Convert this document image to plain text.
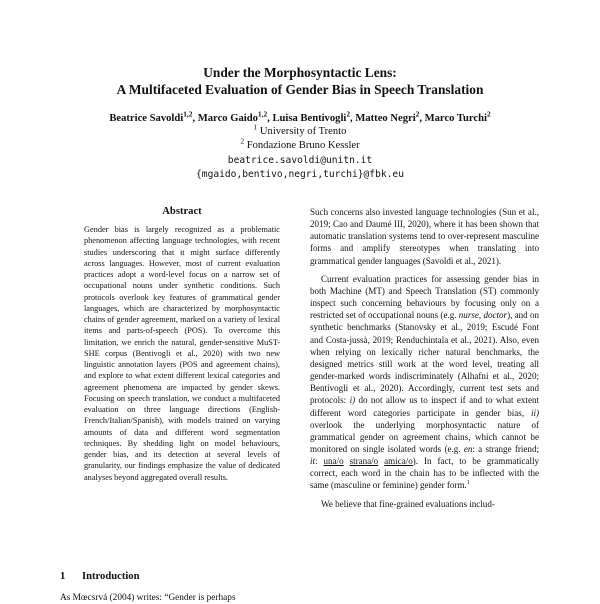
Under the Morphosyntactic Lens:
A Multifaceted Evaluation of Gender Bias in Speech Translation
Beatrice Savoldi$^{1,2}$, Marco Gaido$^{1,2}$, Luisa Bentivogli$^2$, Matteo Negri$^2$, Marco Turchi$^2$
$^1$ University of Trento
$^2$ Fondazione Bruno Kessler
beatrice.savoldi@unitn.it
{mgaido,bentivo,negri,turchi}@fbk.eu
Abstract
Gender bias is largely recognized as a problematic phenomenon affecting language technologies, with recent studies underscoring that it might surface differently across languages. However, most of current evaluation practices adopt a word-level focus on a narrow set of occupational nouns under synthetic conditions. Such protocols overlook key features of grammatical gender languages, which are characterized by morphosyntactic chains of gender agreement, marked on a variety of lexical items and parts-of-speech (POS). To overcome this limitation, we enrich the natural, gender-sensitive MuST-SHE corpus (Bentivogli et al., 2020) with two new linguistic annotation layers (POS and agreement chains), and explore to what extent different lexical categories and agreement phenomena are impacted by gender skews. Focusing on speech translation, we conduct a multifaceted evaluation on three language directions (English-French/Italian/Spanish), with models trained on varying amounts of data and different word segmentation techniques. By shedding light on model behaviours, gender bias, and its detection at several levels of granularity, our findings emphasize the value of dedicated analyses beyond aggregated overall results.
1 Introduction
As Mœcsrvá (2004) writes: “Gender is perhaps

Such concerns also invested language technologies (Sun et al., 2019; Cao and Daumé III, 2020), where it has been shown that automatic translation systems tend to over-represent masculine forms and amplify stereotypes when translating into grammatical gender languages (Savoldi et al., 2021).

Current evaluation practices for assessing gender bias in both Machine (MT) and Speech Translation (ST) commonly inspect such concerning behaviours by focusing only on a restricted set of occupational nouns (e.g. nurse, doctor), and on synthetic benchmarks (Stanovsky et al., 2019; Escudé Font and Costa-jussà, 2019; Renduchintala et al., 2021). Also, even when relying on lexically richer natural benchmarks, the designed metrics still work at the word level, treating all gender-marked words indiscriminately (Alhafni et al., 2020; Bentivogli et al., 2020). Accordingly, current test sets and protocols: i) do not allow us to inspect if and to what extent different word categories participate in gender bias, ii) overlook the underlying morphosyntactic nature of grammatical gender on agreement chains, which cannot be monitored on single isolated words (e.g. en: a strange friend; it: una/o strana/o amica/o). In fact, to be grammatically correct, each word in the chain has to be inflected with the same (masculine or feminine) gender form.$^1$

We believe that fine-grained evaluations includ-
